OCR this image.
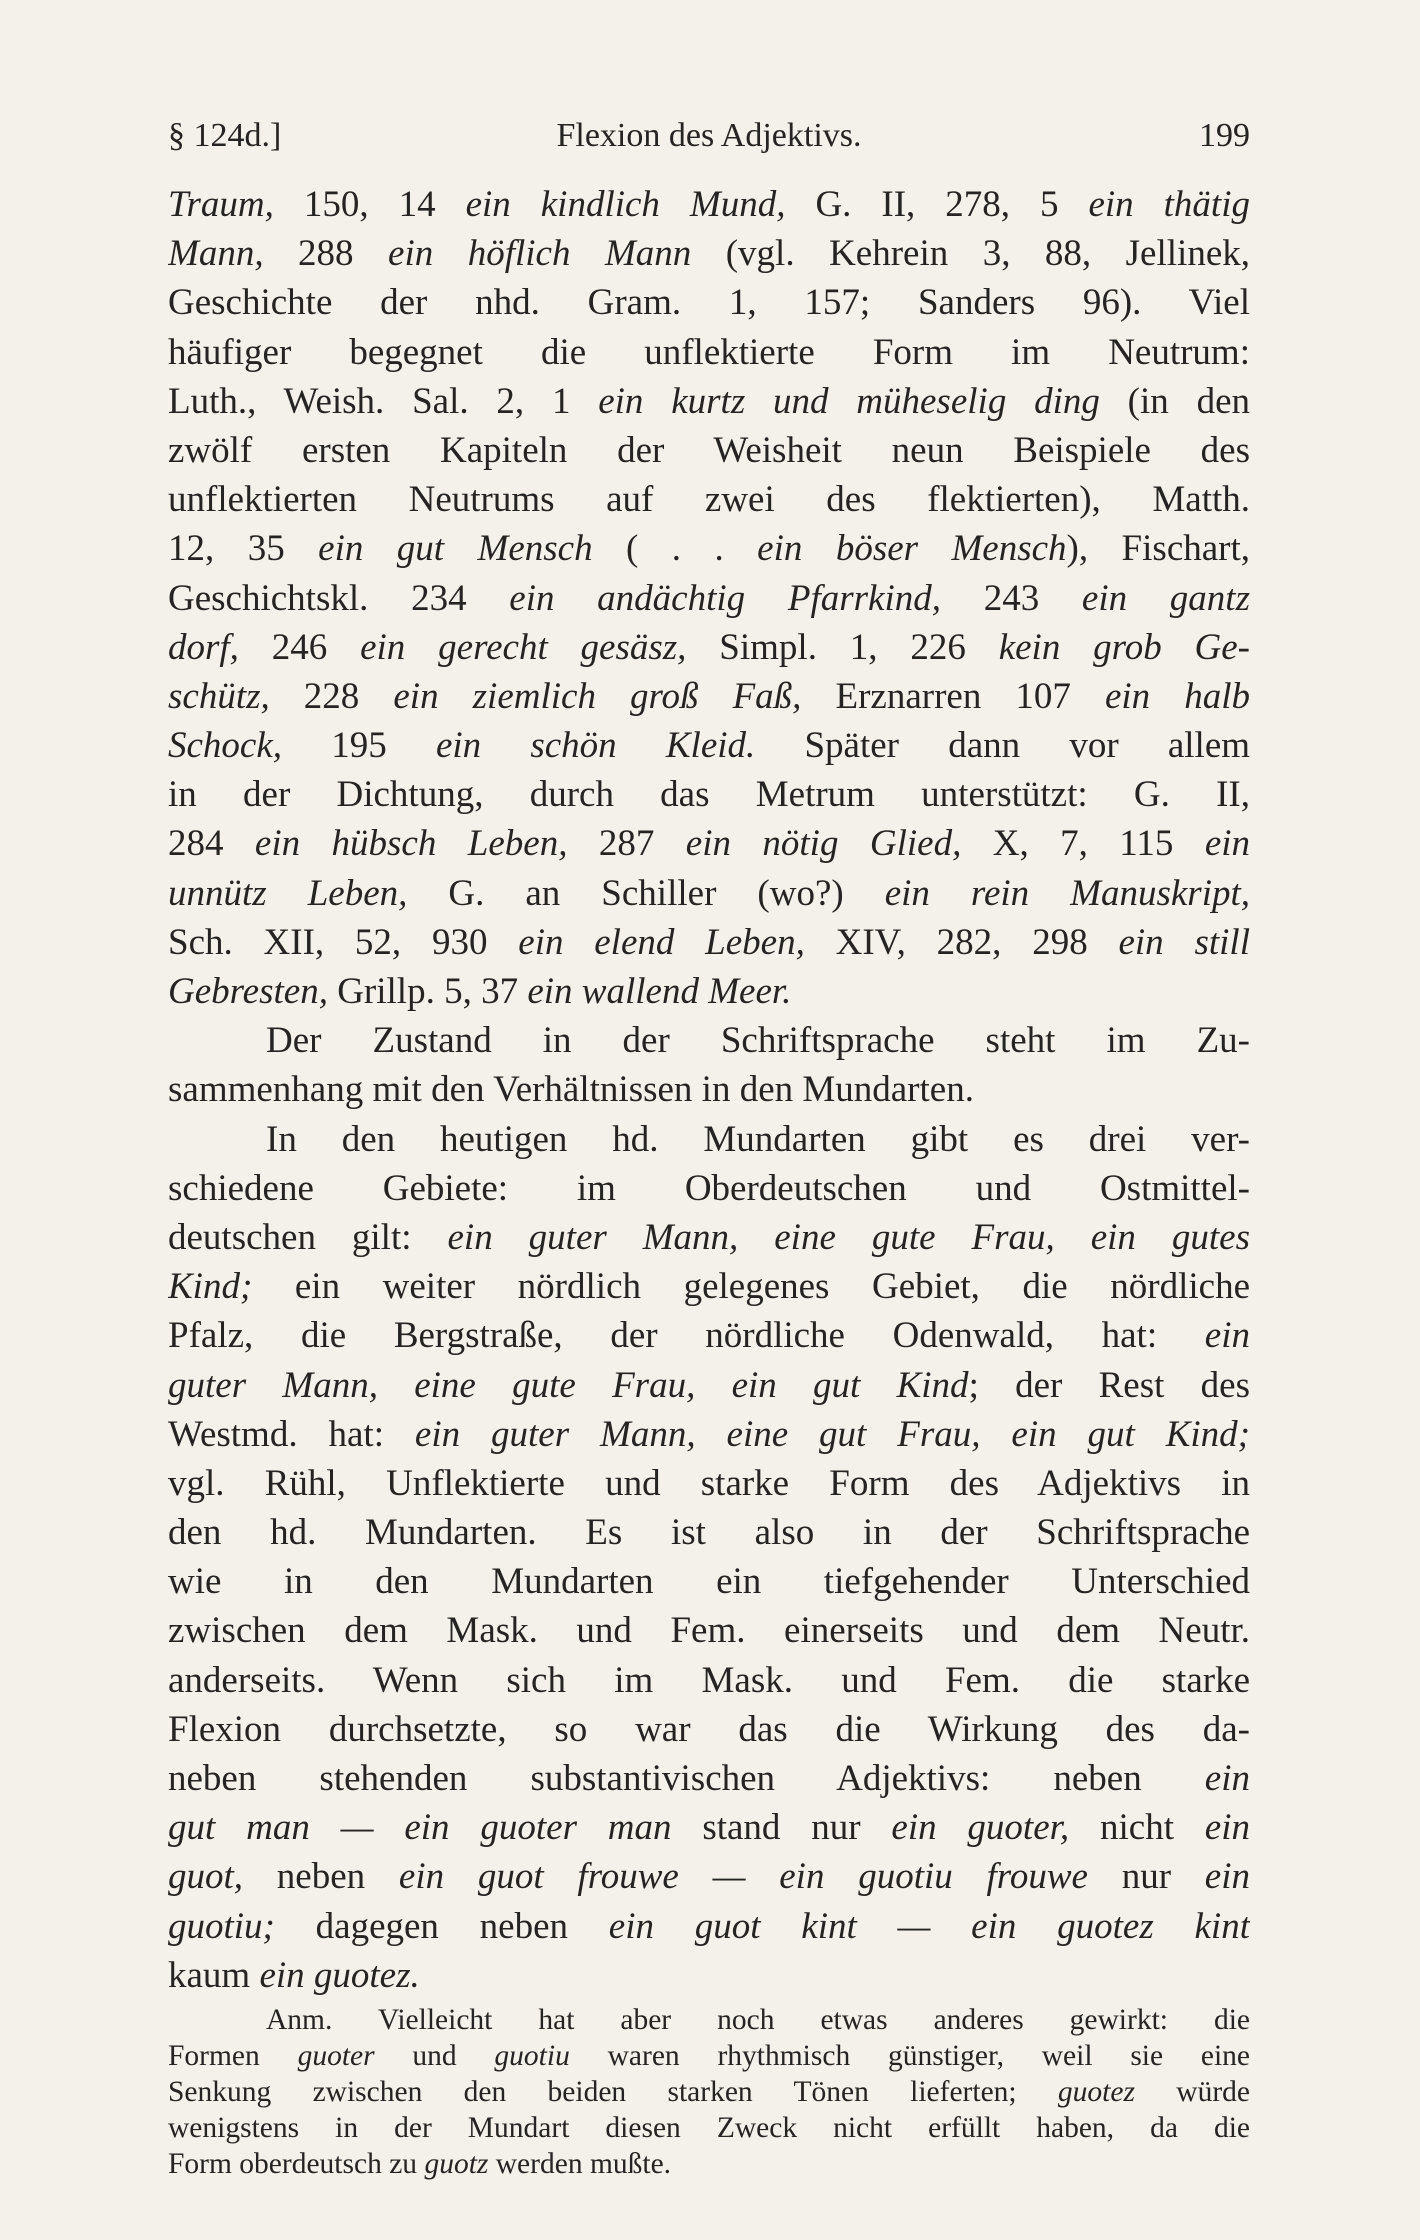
§ 124d.]	Flexion des Adjektivs.	199
Traum, 150, 14 ein kindlich Mund, G. II, 278, 5 ein thätig
Mann, 288 ein höflich Mann (vgl. Kehrein 3, 88, Jellinek,
Geschichte der nhd. Gram. 1, 157; Sanders 96). Viel
häufiger begegnet die unflektierte Form im Neutrum:
Luth., Weish. Sal. 2, 1 ein kurtz und müheselig ding (in den
zwölf ersten Kapiteln der Weisheit neun Beispiele des
unflektierten Neutrums auf zwei des flektierten), Matth.
12, 35 ein gut Mensch ( . . ein böser Mensch), Fischart,
Geschichtskl. 234 ein andächtig Pfarrkind, 243 ein gantz
dorf, 246 ein gerecht gesäsz, Simpl. 1, 226 kein grob Ge-
schütz, 228 ein ziemlich groß Faß, Erznarren 107 ein halb
Schock, 195 ein schön Kleid. Später dann vor allem
in der Dichtung, durch das Metrum unterstützt: G. II,
284 ein hübsch Leben, 287 ein nötig Glied, X, 7, 115 ein
unnütz Leben, G. an Schiller (wo?) ein rein Manuskript,
Sch. XII, 52, 930 ein elend Leben, XIV, 282, 298 ein still
Gebresten, Grillp. 5, 37 ein wallend Meer.
Der Zustand in der Schriftsprache steht im Zu-
sammenhang mit den Verhältnissen in den Mundarten.
In den heutigen hd. Mundarten gibt es drei ver-
schiedene Gebiete: im Oberdeutschen und Ostmittel-
deutschen gilt: ein guter Mann, eine gute Frau, ein gutes
Kind; ein weiter nördlich gelegenes Gebiet, die nördliche
Pfalz, die Bergstraße, der nördliche Odenwald, hat: ein
guter Mann, eine gute Frau, ein gut Kind; der Rest des
Westmd. hat: ein guter Mann, eine gut Frau, ein gut Kind;
vgl. Rühl, Unflektierte und starke Form des Adjektivs in
den hd. Mundarten. Es ist also in der Schriftsprache
wie in den Mundarten ein tiefgehender Unterschied
zwischen dem Mask. und Fem. einerseits und dem Neutr.
anderseits. Wenn sich im Mask. und Fem. die starke
Flexion durchsetzte, so war das die Wirkung des da-
neben stehenden substantivischen Adjektivs: neben ein
gut man — ein guoter man stand nur ein guoter, nicht ein
guot, neben ein guot frouwe — ein guotiu frouwe nur ein
guotiu; dagegen neben ein guot kint — ein guotez kint
kaum ein guotez.
Anm. Vielleicht hat aber noch etwas anderes gewirkt: die
Formen guoter und guotiu waren rhythmisch günstiger, weil sie eine
Senkung zwischen den beiden starken Tönen lieferten; guotez würde
wenigstens in der Mundart diesen Zweck nicht erfüllt haben, da die
Form oberdeutsch zu guotz werden mußte.
